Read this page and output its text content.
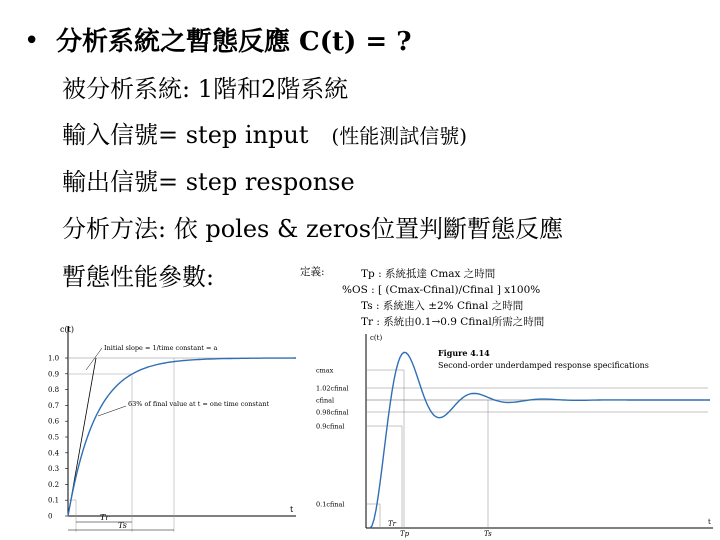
• 分析系統之暫態反應 C(t) = ?
被分析系統: 1階和2階系統
輸入信號= step input (性能測試信號)
輸出信號= step response
分析方法: 依 poles & zeros位置判斷暫態反應
暫態性能參數:	定義:	Tp : 系統抵達 Cmax 之時間
%OS : [ (Cmax-Cfinal)/Cfinal ] x100%
Ts : 系統進入 ±2% Cfinal 之時間
Tr : 系統由0.1→0.9 Cfinal所需之時間
c(t)
t
1.0
0.9
0.8
0.7
0.6
0.5
0.4
0.3
0.2
0.1
0
Initial slope = 1/time constant = a
63% of final value at t = one time constant
Tr
Ts
Figure 4.14
Second-order underdamped response specifications
c(t)
t
cmax
1.02cfinal
cfinal
0.98cfinal
0.9cfinal
0.1cfinal
Tr
Tp	Ts
